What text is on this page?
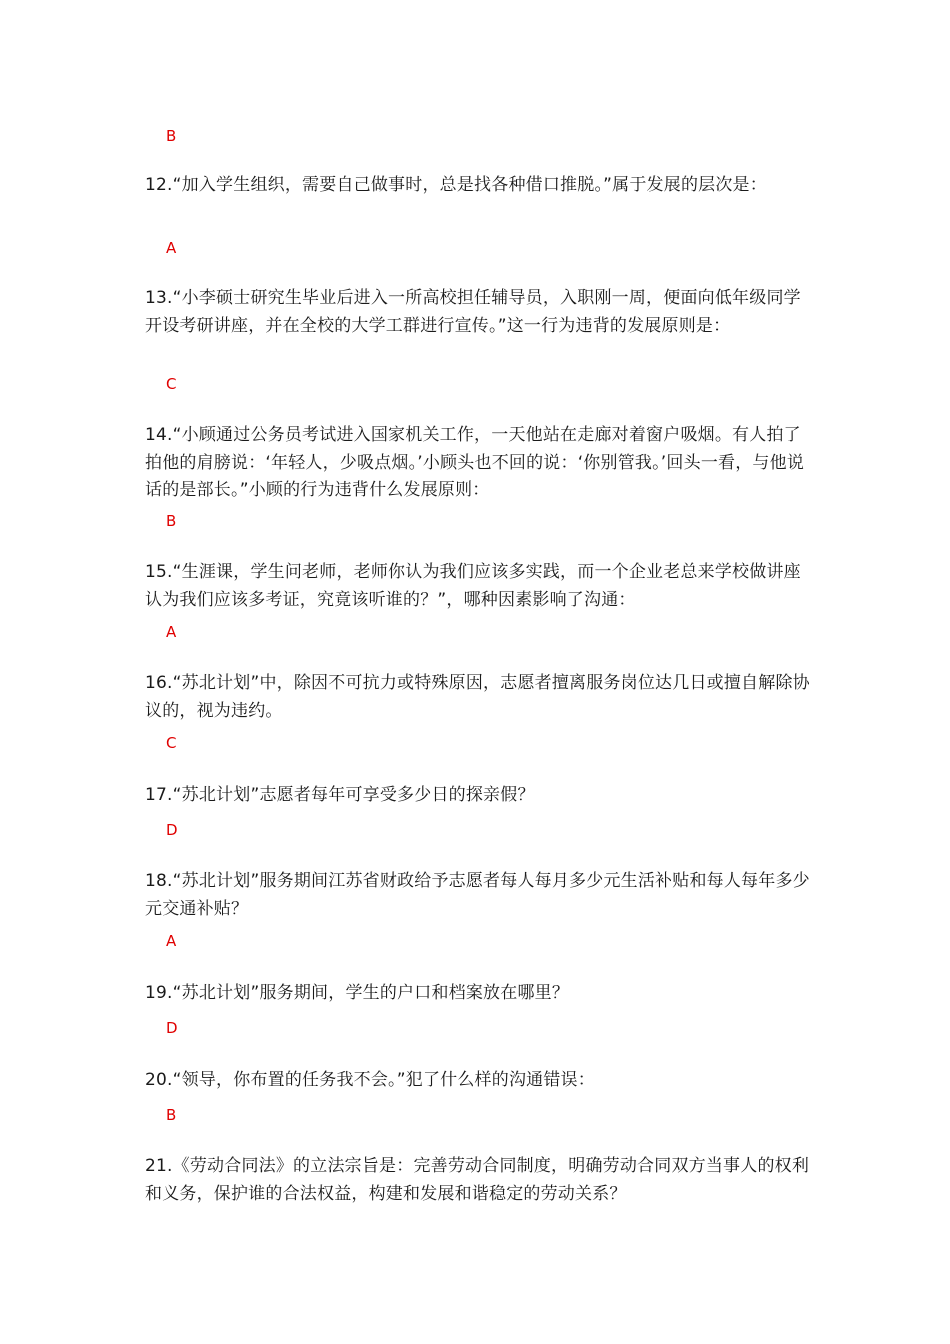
B

12.“加入学生组织，需要自己做事时，总是找各种借口推脱。”属于发展的层次是：

A

13.“小李硕士研究生毕业后进入一所高校担任辅导员，入职刚一周，便面向低年级同学开设考研讲座，并在全校的大学工群进行宣传。”这一行为违背的发展原则是：

C

14.“小顾通过公务员考试进入国家机关工作，一天他站在走廊对着窗户吸烟。有人拍了拍他的肩膀说：‘年轻人，少吸点烟。’小顾头也不回的说：‘你别管我。’回头一看，与他说话的是部长。”小顾的行为违背什么发展原则：

B

15.“生涯课，学生问老师，老师你认为我们应该多实践，而一个企业老总来学校做讲座认为我们应该多考证，究竟该听谁的？”，哪种因素影响了沟通：

A

16.“苏北计划”中，除因不可抗力或特殊原因，志愿者擅离服务岗位达几日或擅自解除协议的，视为违约。

C

17.“苏北计划”志愿者每年可享受多少日的探亲假？

D

18.“苏北计划”服务期间江苏省财政给予志愿者每人每月多少元生活补贴和每人每年多少元交通补贴？

A

19.“苏北计划”服务期间，学生的户口和档案放在哪里？

D

20.“领导，你布置的任务我不会。”犯了什么样的沟通错误：

B

21.《劳动合同法》的立法宗旨是：完善劳动合同制度，明确劳动合同双方当事人的权利和义务，保护谁的合法权益，构建和发展和谐稳定的劳动关系？
